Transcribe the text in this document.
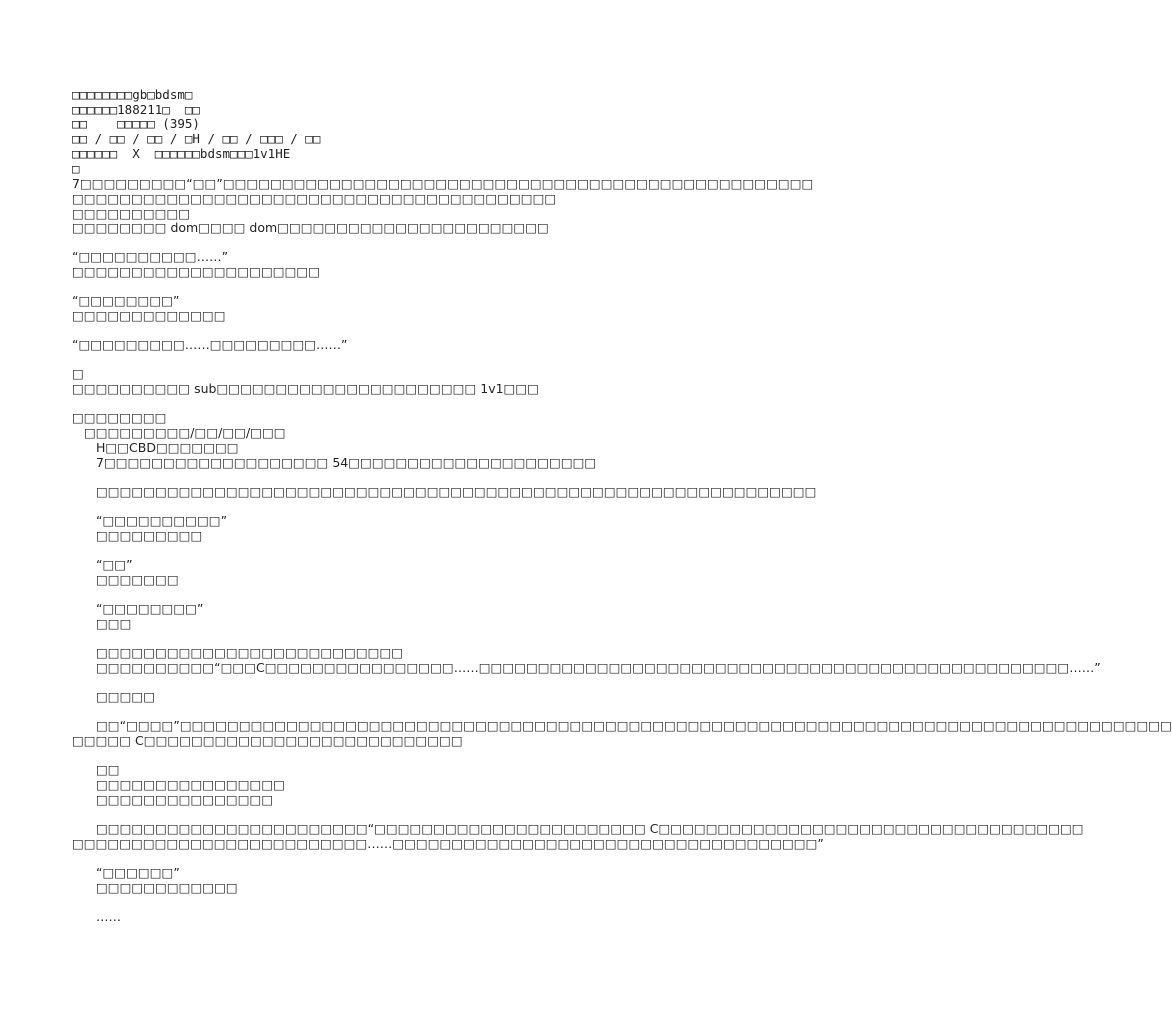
□□□□□□□□gb□bdsm□
□□□□□□188211□  □□
□□    □□□□□ (395)
□□ / □□ / □□ / □H / □□ / □□□ / □□
□□□□□□  X  □□□□□□bdsm□□□1v1HE
□
7□□□□□□□□□“□□”□□□□□□□□□□□□□□□□□□□□□□□□□□□□□□□□□□□□□□□□□□□□□□□□□□
□□□□□□□□□□□□□□□□□□□□□□□□□□□□□□□□□□□□□□□□□
□□□□□□□□□□
□□□□□□□□ dom□□□□ dom□□□□□□□□□□□□□□□□□□□□□□□
“□□□□□□□□□□……”
□□□□□□□□□□□□□□□□□□□□□
“□□□□□□□□”
□□□□□□□□□□□□□
“□□□□□□□□□……□□□□□□□□□……”
□
□□□□□□□□□□ sub□□□□□□□□□□□□□□□□□□□□□□ 1v1□□□
□□□□□□□□
□□□□□□□□□/□□/□□/□□□
H□□CBD□□□□□□□
7□□□□□□□□□□□□□□□□□□□ 54□□□□□□□□□□□□□□□□□□□□□
□□□□□□□□□□□□□□□□□□□□□□□□□□□□□□□□□□□□□□□□□□□□□□□□□□□□□□□□□□□□□
“□□□□□□□□□□”
□□□□□□□□□
“□□”
□□□□□□□
“□□□□□□□□”
□□□
□□□□□□□□□□□□□□□□□□□□□□□□□□
□□□□□□□□□□“□□□C□□□□□□□□□□□□□□□□……□□□□□□□□□□□□□□□□□□□□□□□□□□□□□□□□□□□□□□□□□□□□□□□□□□……”
□□□□□
□□“□□□□”□□□□□□□□□□□□□□□□□□□□□□□□□□□□□□□□□□□□□□□□□□□□□□□□□□□□□□□□□□□□□□□□□□□□□□□□□□□□□□□□□□□□
□□□□□ C□□□□□□□□□□□□□□□□□□□□□□□□□□□
□□
□□□□□□□□□□□□□□□□
□□□□□□□□□□□□□□□
□□□□□□□□□□□□□□□□□□□□□□□“□□□□□□□□□□□□□□□□□□□□□□□ C□□□□□□□□□□□□□□□□□□□□□□□□□□□□□□□□□□□□
□□□□□□□□□□□□□□□□□□□□□□□□□……□□□□□□□□□□□□□□□□□□□□□□□□□□□□□□□□□□□□”
“□□□□□□”
□□□□□□□□□□□□
……
